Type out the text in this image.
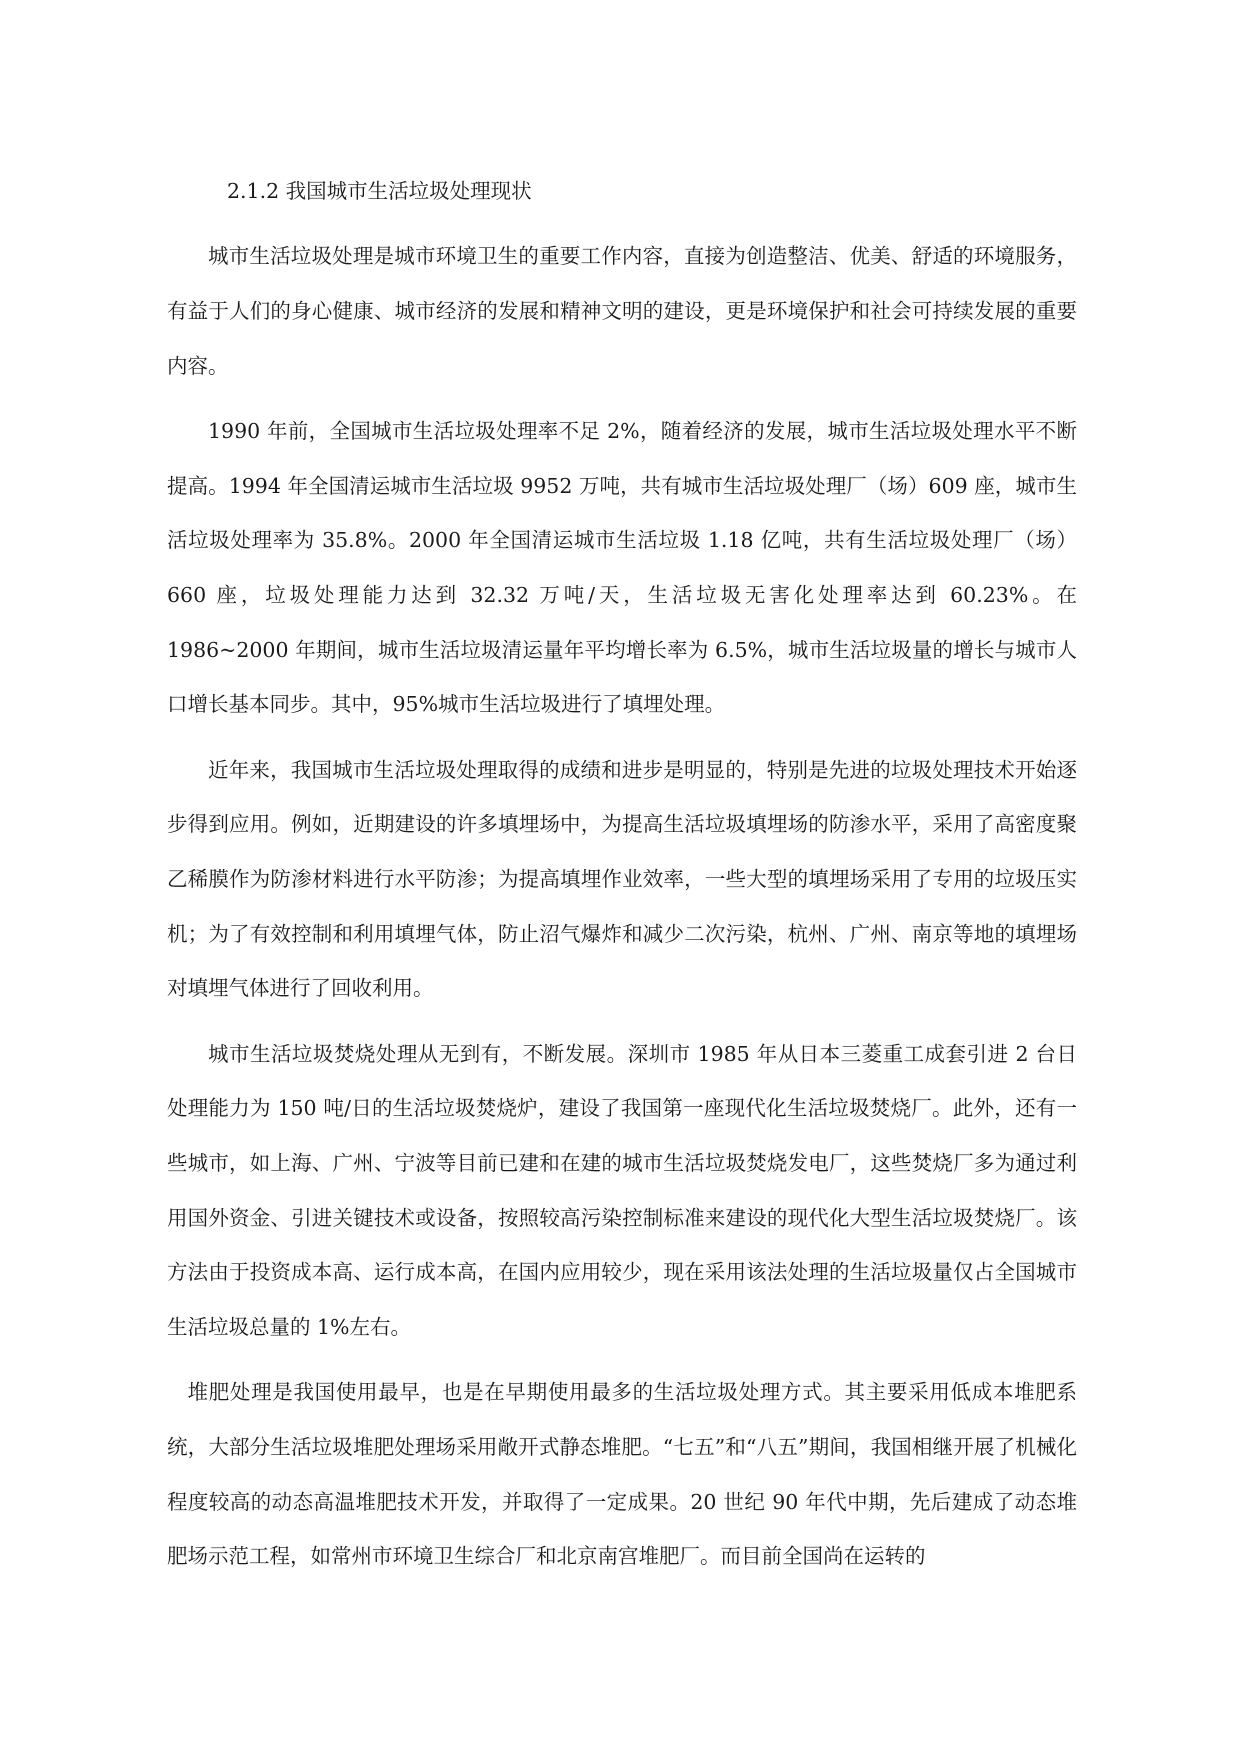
2.1.2 我国城市生活垃圾处理现状

城市生活垃圾处理是城市环境卫生的重要工作内容，直接为创造整洁、优美、舒适的环境服务，有益于人们的身心健康、城市经济的发展和精神文明的建设，更是环境保护和社会可持续发展的重要内容。

1990 年前，全国城市生活垃圾处理率不足 2%，随着经济的发展，城市生活垃圾处理水平不断提高。1994 年全国清运城市生活垃圾 9952 万吨，共有城市生活垃圾处理厂（场）609 座，城市生活垃圾处理率为 35.8%。2000 年全国清运城市生活垃圾 1.18 亿吨，共有生活垃圾处理厂（场）660 座，垃圾处理能力达到 32.32 万吨/天，生活垃圾无害化处理率达到 60.23%。在 1986~2000 年期间，城市生活垃圾清运量年平均增长率为 6.5%，城市生活垃圾量的增长与城市人口增长基本同步。其中，95%城市生活垃圾进行了填埋处理。

近年来，我国城市生活垃圾处理取得的成绩和进步是明显的，特别是先进的垃圾处理技术开始逐步得到应用。例如，近期建设的许多填埋场中，为提高生活垃圾填埋场的防渗水平，采用了高密度聚乙稀膜作为防渗材料进行水平防渗；为提高填埋作业效率，一些大型的填埋场采用了专用的垃圾压实机；为了有效控制和利用填埋气体，防止沼气爆炸和减少二次污染，杭州、广州、南京等地的填埋场对填埋气体进行了回收利用。

城市生活垃圾焚烧处理从无到有，不断发展。深圳市 1985 年从日本三菱重工成套引进 2 台日处理能力为 150 吨/日的生活垃圾焚烧炉，建设了我国第一座现代化生活垃圾焚烧厂。此外，还有一些城市，如上海、广州、宁波等目前已建和在建的城市生活垃圾焚烧发电厂，这些焚烧厂多为通过利用国外资金、引进关键技术或设备，按照较高污染控制标准来建设的现代化大型生活垃圾焚烧厂。该方法由于投资成本高、运行成本高，在国内应用较少，现在采用该法处理的生活垃圾量仅占全国城市生活垃圾总量的 1%左右。

堆肥处理是我国使用最早，也是在早期使用最多的生活垃圾处理方式。其主要采用低成本堆肥系统，大部分生活垃圾堆肥处理场采用敞开式静态堆肥。“七五”和“八五”期间，我国相继开展了机械化程度较高的动态高温堆肥技术开发，并取得了一定成果。20 世纪 90 年代中期，先后建成了动态堆肥场示范工程，如常州市环境卫生综合厂和北京南宫堆肥厂。而目前全国尚在运转的
